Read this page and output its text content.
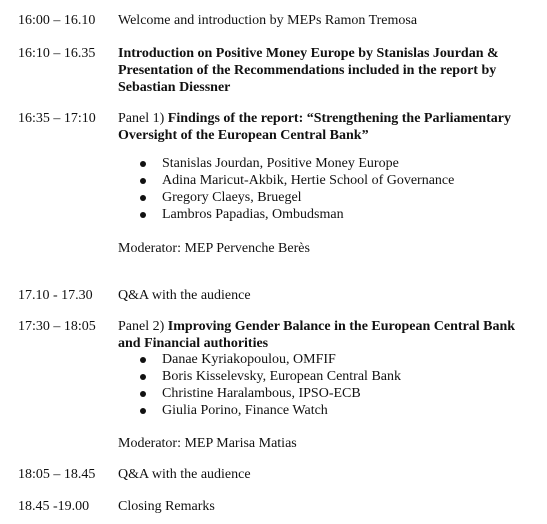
16:00 – 16.10 Welcome and introduction by MEPs Ramon Tremosa
16:10 – 16.35 Introduction on Positive Money Europe by Stanislas Jourdan &
Presentation of the Recommendations included in the report by
Sebastian Diessner
16:35 – 17:10 Panel 1) Findings of the report: “Strengthening the Parliamentary
Oversight of the European Central Bank”
Stanislas Jourdan, Positive Money Europe
Adina Maricut-Akbik, Hertie School of Governance
Gregory Claeys, Bruegel
Lambros Papadias, Ombudsman
Moderator: MEP Pervenche Berès
17.10 - 17.30 Q&A with the audience
17:30 – 18:05 Panel 2) Improving Gender Balance in the European Central Bank
and Financial authorities
Danae Kyriakopoulou, OMFIF
Boris Kisselevsky, European Central Bank
Christine Haralambous, IPSO-ECB
Giulia Porino, Finance Watch
Moderator: MEP Marisa Matias
18:05 – 18.45 Q&A with the audience
18.45 -19.00 Closing Remarks
